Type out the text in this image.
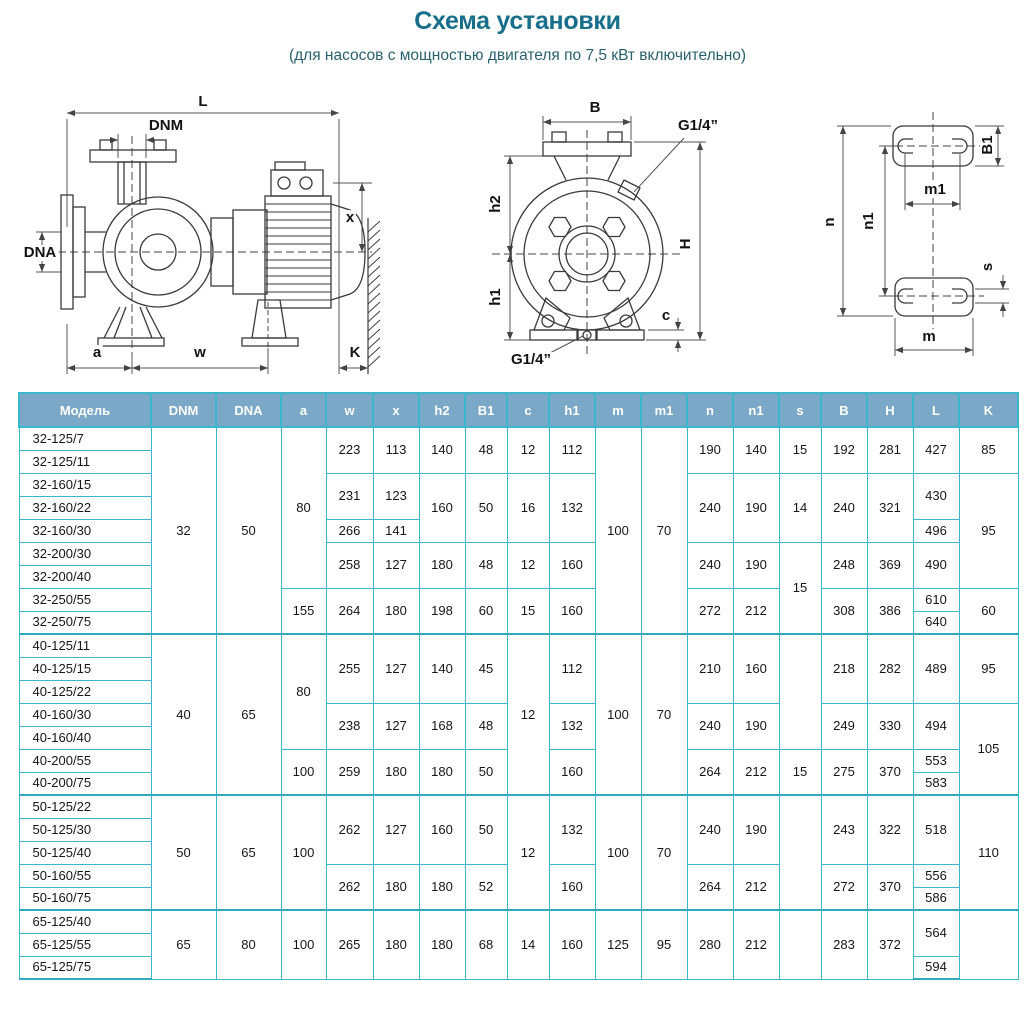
Схема установки
(для насосов с мощностью двигателя по 7,5 кВт включительно)
L
DNM
DNA
x
a	w	K
B
G1/4”
h2
h1
H
c
G1/4”
B1
m1
n n1
s
m
Модель	DNM	DNA	a	w	x	h2	B1	c	h1	m	m1	n	n1	s	B	H	L	K
32-125/7	32	50	80	223	113	140	48	12	112	100	70	190	140	15	192	281	427	85
32-125/11																		
32-160/15				231	123	160	50	16	132			240	190	14	240	321	430	95
32-160/22																		
32-160/30				266	141												496	
32-200/30				258	127	180	48	12	160			240	190	15	248	369	490	
32-200/40																		
32-250/55			155	264	180	198	60	15	160			272	212		308	386	610	60
32-250/75																	640	
40-125/11	40	65	80	255	127	140	45	12	112	100	70	210	160		218	282	489	95
40-125/15																		
40-125/22																		
40-160/30				238	127	168	48		132			240	190		249	330	494	105
40-160/40																		
40-200/55			100	259	180	180	50		160			264	212	15	275	370	553	
40-200/75																	583	
50-125/22	50	65	100	262	127	160	50	12	132	100	70	240	190		243	322	518	110
50-125/30																		
50-125/40																		
50-160/55				262	180	180	52		160			264	212		272	370	556	
50-160/75																	586	
65-125/40	65	80	100	265	180	180	68	14	160	125	95	280	212		283	372	564	
65-125/55																		
65-125/75																	594	
